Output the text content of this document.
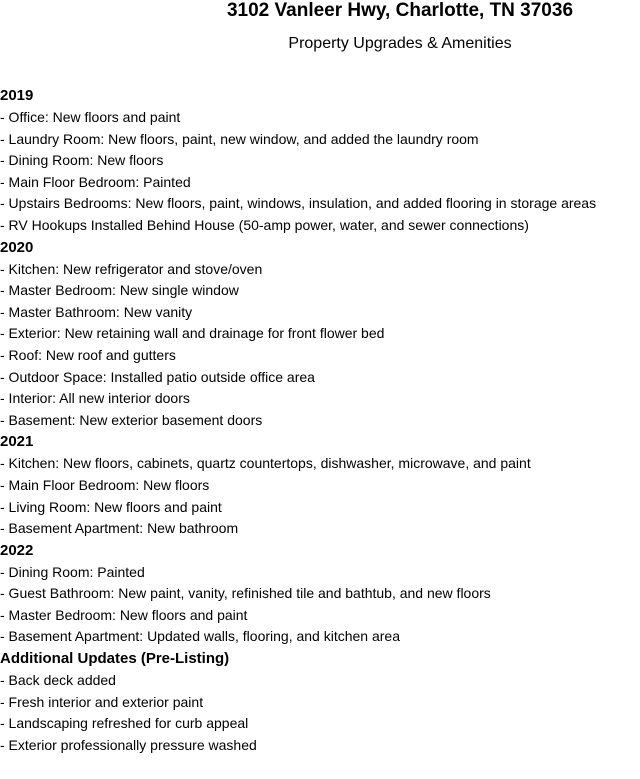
3102 Vanleer Hwy, Charlotte, TN 37036
Property Upgrades & Amenities
2019
- Office: New floors and paint
- Laundry Room: New floors, paint, new window, and added the laundry room
- Dining Room: New floors
- Main Floor Bedroom: Painted
- Upstairs Bedrooms: New floors, paint, windows, insulation, and added flooring in storage areas
- RV Hookups Installed Behind House (50-amp power, water, and sewer connections)
2020
- Kitchen: New refrigerator and stove/oven
- Master Bedroom: New single window
- Master Bathroom: New vanity
- Exterior: New retaining wall and drainage for front flower bed
- Roof: New roof and gutters
- Outdoor Space: Installed patio outside office area
- Interior: All new interior doors
- Basement: New exterior basement doors
2021
- Kitchen: New floors, cabinets, quartz countertops, dishwasher, microwave, and paint
- Main Floor Bedroom: New floors
- Living Room: New floors and paint
- Basement Apartment: New bathroom
2022
- Dining Room: Painted
- Guest Bathroom: New paint, vanity, refinished tile and bathtub, and new floors
- Master Bedroom: New floors and paint
- Basement Apartment: Updated walls, flooring, and kitchen area
Additional Updates (Pre-Listing)
- Back deck added
- Fresh interior and exterior paint
- Landscaping refreshed for curb appeal
- Exterior professionally pressure washed
